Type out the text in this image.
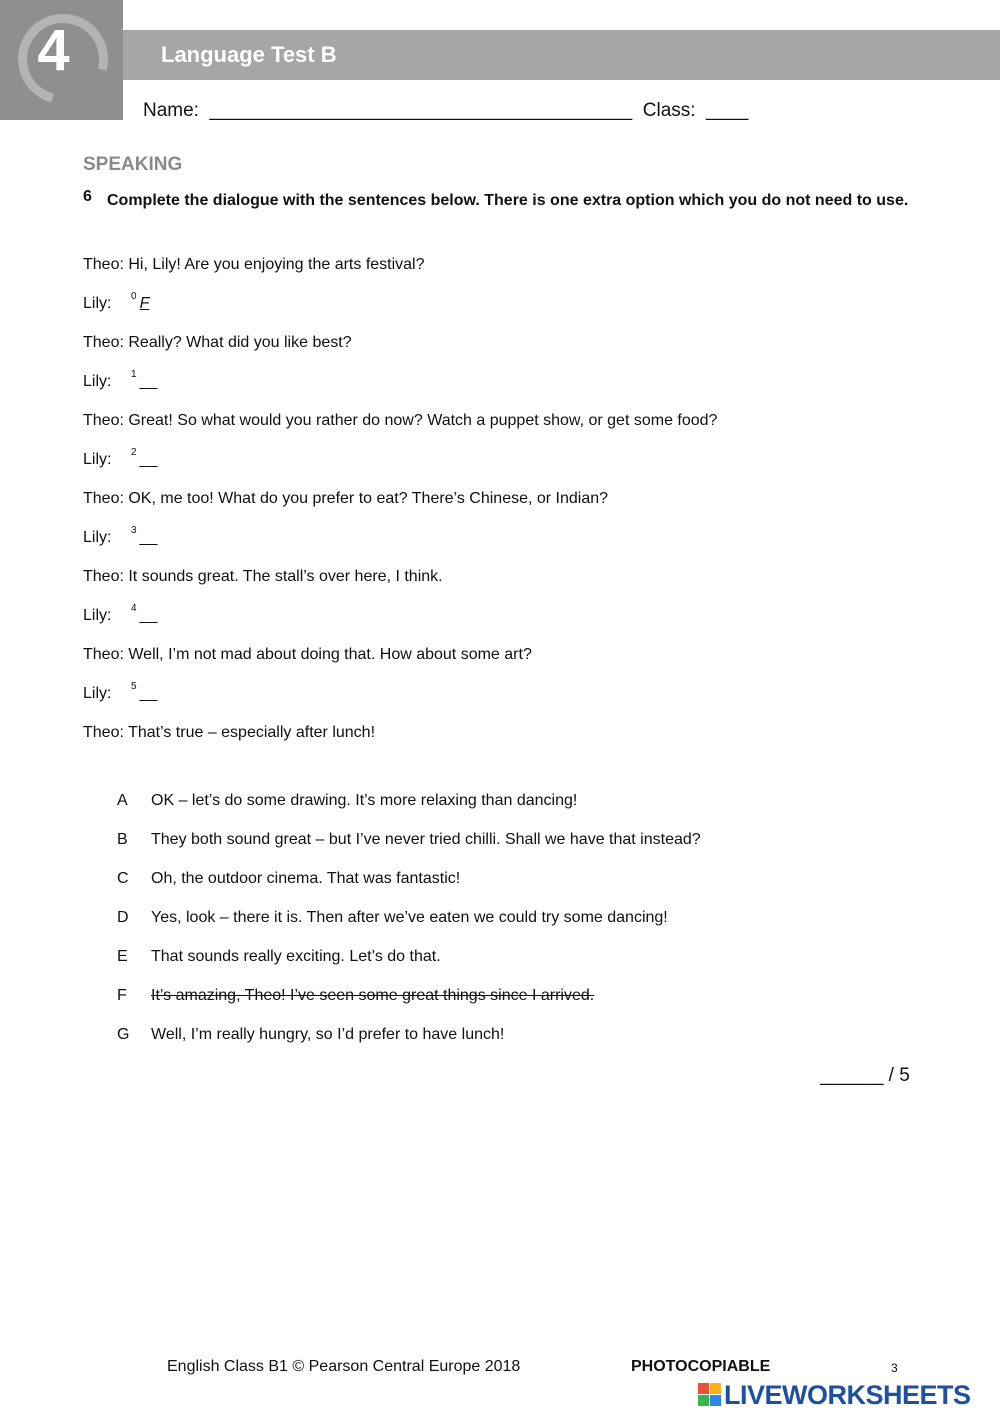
4	Language Test B
Name:  ________________________________________  Class:  ____
SPEAKING
6 Complete the dialogue with the sentences below. There is one extra option which you do not need to use.
Theo: Hi, Lily! Are you enjoying the arts festival?
Lily: $^0$ F
Theo: Really? What did you like best?
Lily: $^1$ __
Theo: Great! So what would you rather do now? Watch a puppet show, or get some food?
Lily: $^2$ __
Theo: OK, me too! What do you prefer to eat? There’s Chinese, or Indian?
Lily: $^3$ __
Theo: It sounds great. The stall’s over here, I think.
Lily: $^4$ __
Theo: Well, I’m not mad about doing that. How about some art?
Lily: $^5$ __
Theo: That’s true – especially after lunch!
A OK – let’s do some drawing. It’s more relaxing than dancing!
B They both sound great – but I’ve never tried chilli. Shall we have that instead?
C Oh, the outdoor cinema. That was fantastic!
D Yes, look – there it is. Then after we’ve eaten we could try some dancing!
E That sounds really exciting. Let’s do that.
F It’s amazing, Theo! I’ve seen some great things since I arrived.
G Well, I’m really hungry, so I’d prefer to have lunch!
______ / 5
English Class B1 © Pearson Central Europe 2018	PHOTOCOPIABLE	3
LIVEWORKSHEETS
